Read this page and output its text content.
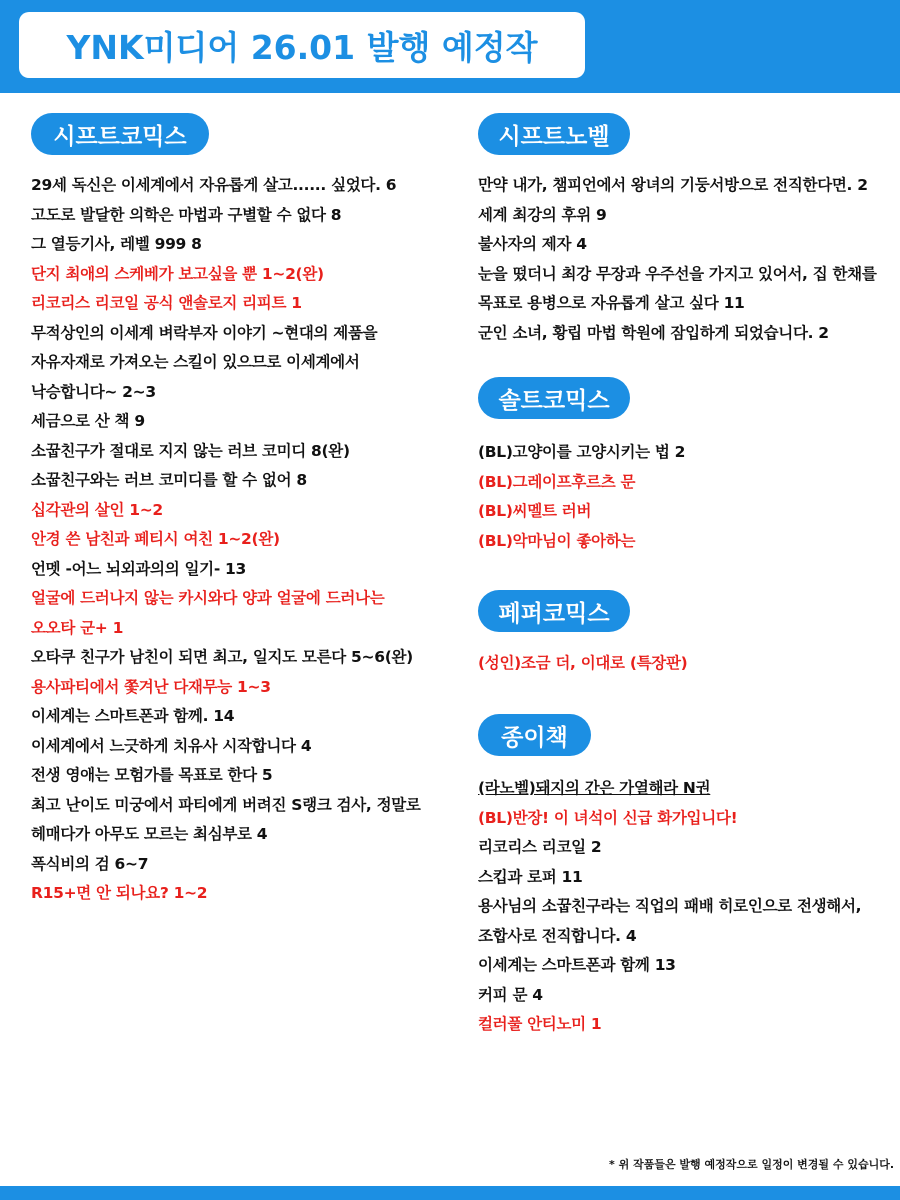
YNK미디어 26.01 발행 예정작
시프트코믹스
29세 독신은 이세계에서 자유롭게 살고...... 싶었다. 6
고도로 발달한 의학은 마법과 구별할 수 없다 8
그 열등기사, 레벨 999 8
단지 최애의 스케베가 보고싶을 뿐 1~2(완)
리코리스 리코일 공식 앤솔로지 리피트 1
무적상인의 이세계 벼락부자 이야기 ~현대의 제품을
자유자재로 가져오는 스킬이 있으므로 이세계에서
낙승합니다~ 2~3
세금으로 산 책 9
소꿉친구가 절대로 지지 않는 러브 코미디 8(완)
소꿉친구와는 러브 코미디를 할 수 없어 8
십각관의 살인 1~2
안경 쓴 남친과 페티시 여친 1~2(완)
언멧 -어느 뇌외과의의 일기- 13
얼굴에 드러나지 않는 카시와다 양과 얼굴에 드러나는
오오타 군+ 1
오타쿠 친구가 남친이 되면 최고, 일지도 모른다 5~6(완)
용사파티에서 쫓겨난 다재무능 1~3
이세계는 스마트폰과 함께. 14
이세계에서 느긋하게 치유사 시작합니다 4
전생 영애는 모험가를 목표로 한다 5
최고 난이도 미궁에서 파티에게 버려진 S랭크 검사, 정말로
헤매다가 아무도 모르는 최심부로 4
폭식비의 검 6~7
R15+면 안 되나요? 1~2
시프트노벨
만약 내가, 챔피언에서 왕녀의 기둥서방으로 전직한다면. 2
세계 최강의 후위 9
불사자의 제자 4
눈을 떴더니 최강 무장과 우주선을 가지고 있어서, 집 한채를
목표로 용병으로 자유롭게 살고 싶다 11
군인 소녀, 황립 마법 학원에 잠입하게 되었습니다. 2
솔트코믹스
(BL)고양이를 고양시키는 법 2
(BL)그레이프후르츠 문
(BL)씨멜트 러버
(BL)악마님이 좋아하는
페퍼코믹스
(성인)조금 더, 이대로 (특장판)
종이책
(라노벨)돼지의 간은 가열해라 N권
(BL)반장! 이 녀석이 신급 화가입니다!
리코리스 리코일 2
스킵과 로퍼 11
용사님의 소꿉친구라는 직업의 패배 히로인으로 전생해서,
조합사로 전직합니다. 4
이세계는 스마트폰과 함께 13
커피 문 4
컬러풀 안티노미 1
* 위 작품들은 발행 예정작으로 일정이 변경될 수 있습니다.
